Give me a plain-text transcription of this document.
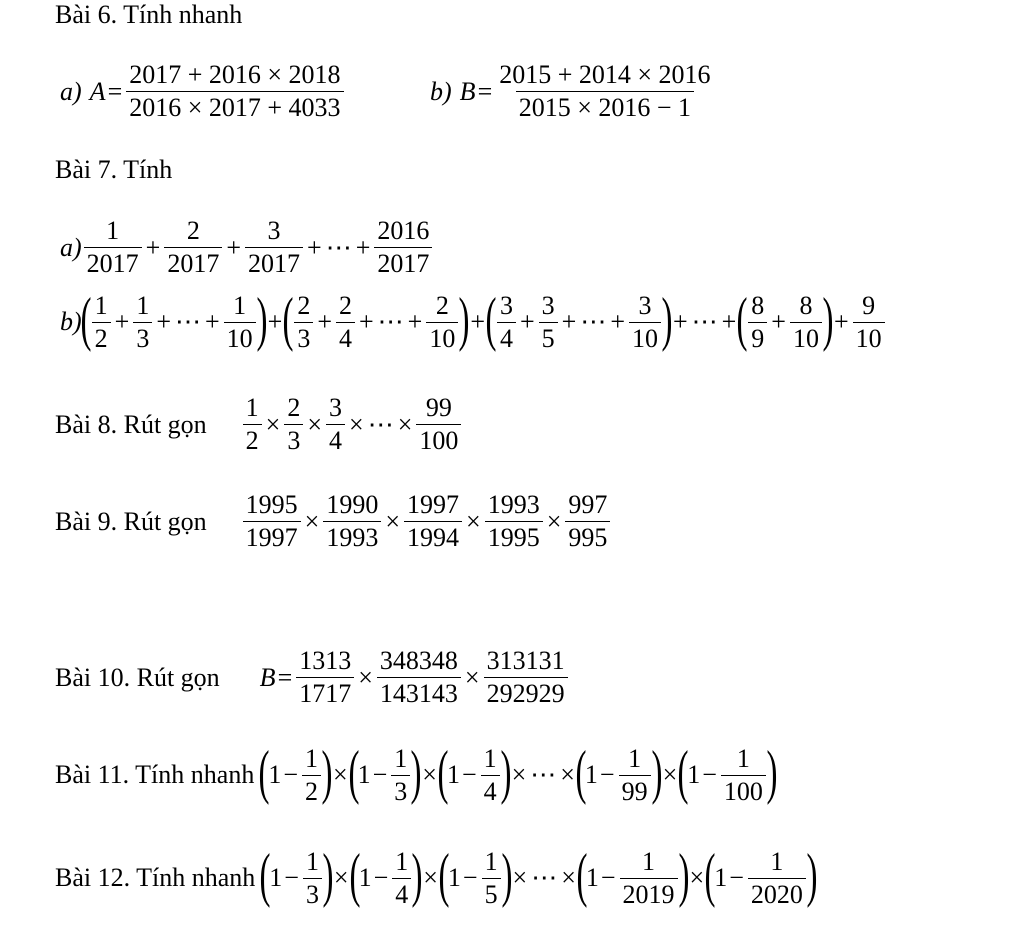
Bài 6. Tính nhanh
a) $A = \frac{2017 + 2016 \times 2018}{2016 \times 2017 + 4033}$	b) $B = \frac{2015 + 2014 \times 2016}{2015 \times 2016 - 1}$
Bài 7. Tính
$a) \frac{1}{2017} + \frac{2}{2017} + \frac{3}{2017}$ + ⋯ + $\frac{2016}{2017}$
b)
( $\frac{1}{2} + \frac{1}{3}$ + ⋯ + $\frac{1}{10}$ ) + ( $\frac{2}{3} + \frac{2}{4}$ + ⋯ + $\frac{2}{10}$ ) + ( $\frac{3}{4} + \frac{3}{5}$ + ⋯ + $\frac{3}{10}$ ) + ⋯ + ( $\frac{8}{9} + \frac{8}{10}$ ) + $\frac{9}{10}$
Bài 8. Rút gọn $\frac{1}{2} \times \frac{2}{3} \times \frac{3}{4}$ × ⋯ × $\frac{99}{100}$
Bài 9. Rút gọn $\frac{1995}{1997} \times \frac{1990}{1993} \times \frac{1997}{1994} \times \frac{1993}{1995} \times \frac{997}{995}$
Bài 10. Rút gọn $B = \frac{1313}{1717} \times \frac{348348}{143143} \times \frac{313131}{292929}$
Bài 11. Tính nhanh (
$1 - \frac{1}{2}$ ) × (
$1 - \frac{1}{3}$ ) × (
$1 - \frac{1}{4}$ ) × ⋯ × (
$1 - \frac{1}{99}$ ) × (
$1 - \frac{1}{100}$ )
Bài 12. Tính nhanh (
$1 - \frac{1}{3}$ ) × (
$1 - \frac{1}{4}$ ) × (
$1 - \frac{1}{5}$ ) × ⋯ × (
$1 - \frac{1}{2019}$ ) × (
$1 - \frac{1}{2020}$ )
